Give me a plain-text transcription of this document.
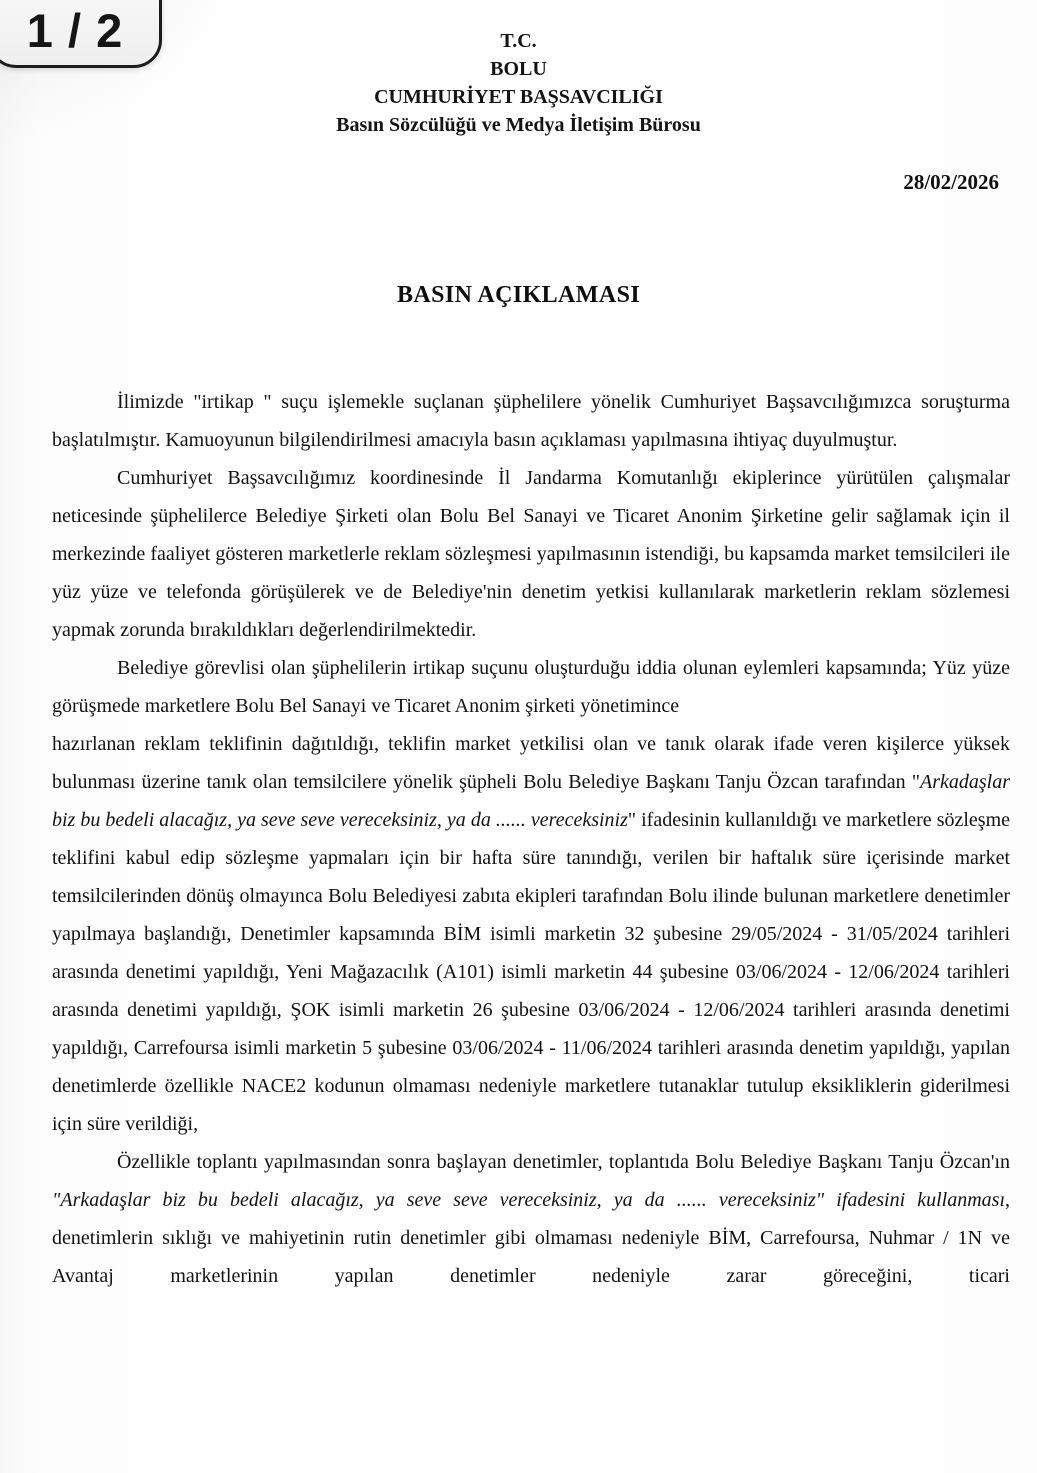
1 / 2	T.C.
BOLU
CUMHURİYET BAŞSAVCILIĞI
Basın Sözcülüğü ve Medya İletişim Bürosu
28/02/2026
BASIN AÇIKLAMASI

İlimizde "irtikap " suçu işlemekle suçlanan şüphelilere yönelik Cumhuriyet Başsavcılığımızca soruşturma başlatılmıştır. Kamuoyunun bilgilendirilmesi amacıyla basın açıklaması yapılmasına ihtiyaç duyulmuştur.

Cumhuriyet Başsavcılığımız koordinesinde İl Jandarma Komutanlığı ekiplerince yürütülen çalışmalar neticesinde şüphelilerce Belediye Şirketi olan Bolu Bel Sanayi ve Ticaret Anonim Şirketine gelir sağlamak için il merkezinde faaliyet gösteren marketlerle reklam sözleşmesi yapılmasının istendiği, bu kapsamda market temsilcileri ile yüz yüze ve telefonda görüşülerek ve de Belediye'nin denetim yetkisi kullanılarak marketlerin reklam sözlemesi yapmak zorunda bırakıldıkları değerlendirilmektedir.

Belediye görevlisi olan şüphelilerin irtikap suçunu oluşturduğu iddia olunan eylemleri kapsamında; Yüz yüze görüşmede marketlere Bolu Bel Sanayi ve Ticaret Anonim şirketi yönetimince
hazırlanan reklam teklifinin dağıtıldığı, teklifin market yetkilisi olan ve tanık olarak ifade veren kişilerce yüksek bulunması üzerine tanık olan temsilcilere yönelik şüpheli Bolu Belediye Başkanı Tanju Özcan tarafından "Arkadaşlar biz bu bedeli alacağız, ya seve seve vereceksiniz, ya da ...... vereceksiniz" ifadesinin kullanıldığı ve marketlere sözleşme teklifini kabul edip sözleşme yapmaları için bir hafta süre tanındığı, verilen bir haftalık süre içerisinde market temsilcilerinden dönüş olmayınca Bolu Belediyesi zabıta ekipleri tarafından Bolu ilinde bulunan marketlere denetimler yapılmaya başlandığı, Denetimler kapsamında BİM isimli marketin 32 şubesine 29/05/2024 - 31/05/2024 tarihleri arasında denetimi yapıldığı, Yeni Mağazacılık (A101) isimli marketin 44 şubesine 03/06/2024 - 12/06/2024 tarihleri arasında denetimi yapıldığı, ŞOK isimli marketin 26 şubesine 03/06/2024 - 12/06/2024 tarihleri arasında denetimi yapıldığı, Carrefoursa isimli marketin 5 şubesine 03/06/2024 - 11/06/2024 tarihleri arasında denetim yapıldığı, yapılan denetimlerde özellikle NACE2 kodunun olmaması nedeniyle marketlere tutanaklar tutulup eksikliklerin giderilmesi için süre verildiği,

Özellikle toplantı yapılmasından sonra başlayan denetimler, toplantıda Bolu Belediye Başkanı Tanju Özcan'ın "Arkadaşlar biz bu bedeli alacağız, ya seve seve vereceksiniz, ya da ...... vereceksiniz" ifadesini kullanması, denetimlerin sıklığı ve mahiyetinin rutin denetimler gibi olmaması nedeniyle BİM, Carrefoursa, Nuhmar / 1N ve Avantaj marketlerinin yapılan denetimler nedeniyle zarar göreceğini, ticari
